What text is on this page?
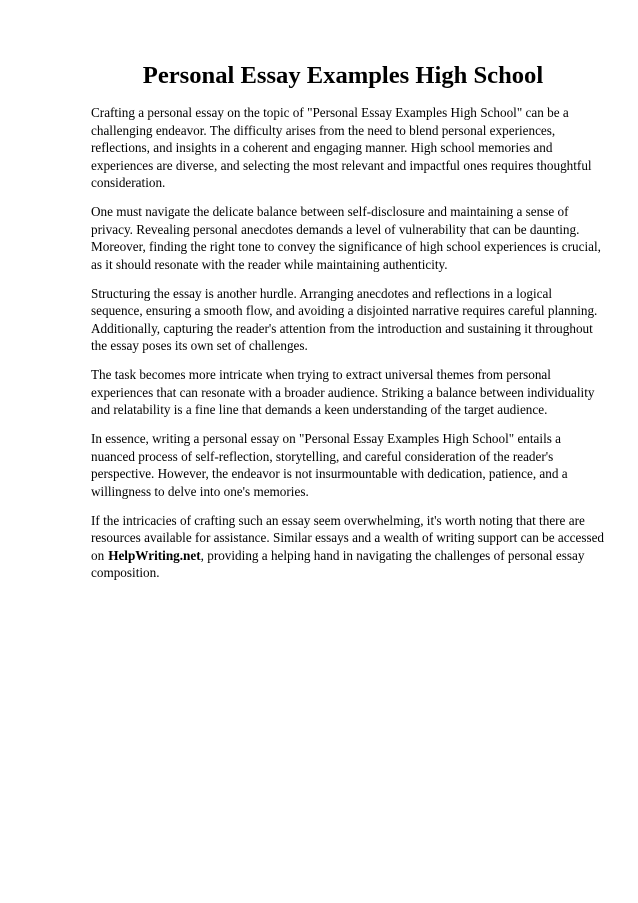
Personal Essay Examples High School

Crafting a personal essay on the topic of "Personal Essay Examples High School" can be a
challenging endeavor. The difficulty arises from the need to blend personal experiences,
reflections, and insights in a coherent and engaging manner. High school memories and
experiences are diverse, and selecting the most relevant and impactful ones requires thoughtful
consideration.

One must navigate the delicate balance between self-disclosure and maintaining a sense of
privacy. Revealing personal anecdotes demands a level of vulnerability that can be daunting.
Moreover, finding the right tone to convey the significance of high school experiences is crucial,
as it should resonate with the reader while maintaining authenticity.

Structuring the essay is another hurdle. Arranging anecdotes and reflections in a logical
sequence, ensuring a smooth flow, and avoiding a disjointed narrative requires careful planning.
Additionally, capturing the reader's attention from the introduction and sustaining it throughout
the essay poses its own set of challenges.

The task becomes more intricate when trying to extract universal themes from personal
experiences that can resonate with a broader audience. Striking a balance between individuality
and relatability is a fine line that demands a keen understanding of the target audience.

In essence, writing a personal essay on "Personal Essay Examples High School" entails a
nuanced process of self-reflection, storytelling, and careful consideration of the reader's
perspective. However, the endeavor is not insurmountable with dedication, patience, and a
willingness to delve into one's memories.

If the intricacies of crafting such an essay seem overwhelming, it's worth noting that there are
resources available for assistance. Similar essays and a wealth of writing support can be accessed
on HelpWriting.net, providing a helping hand in navigating the challenges of personal essay
composition.
